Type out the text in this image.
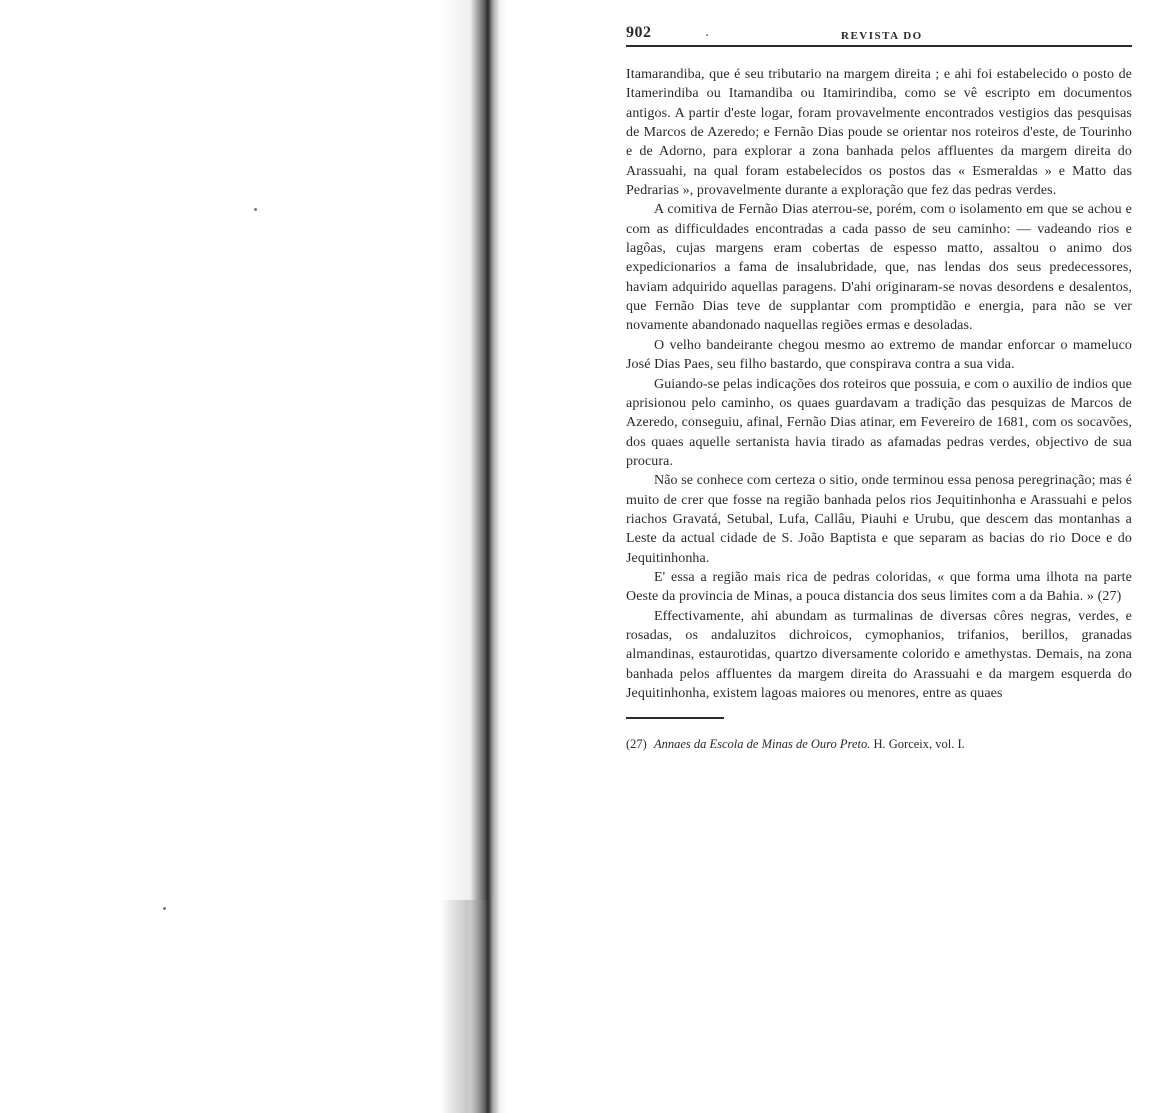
902	REVISTA DO

Itamarandiba, que é seu tributario na margem direita ; e ahi foi estabelecido o posto de Itamerindiba ou Itamandiba ou Itamirindiba, como se vê escripto em documentos antigos. A partir d'este logar, foram provavelmente encontrados vestigios das pesquisas de Marcos de Azeredo; e Fernão Dias poude se orientar nos roteiros d'este, de Tourinho e de Adorno, para explorar a zona banhada pelos affluentes da margem direita do Arassuahi, na qual foram estabelecidos os postos das « Esmeraldas » e Matto das Pedrarias », provavelmente durante a exploração que fez das pedras verdes.

A comitiva de Fernão Dias aterrou-se, porém, com o isolamento em que se achou e com as difficuldades encontradas a cada passo de seu caminho: — vadeando rios e lagôas, cujas margens eram cobertas de espesso matto, assaltou o animo dos expedicionarios a fama de insalubridade, que, nas lendas dos seus predecessores, haviam adquirido aquellas paragens. D'ahi originaram-se novas desordens e desalentos, que Fernão Dias teve de supplantar com promptidão e energia, para não se ver novamente abandonado naquellas regiões ermas e desoladas.

O velho bandeirante chegou mesmo ao extremo de mandar enforcar o mameluco José Dias Paes, seu filho bastardo, que conspirava contra a sua vida.

Guiando-se pelas indicações dos roteiros que possuia, e com o auxilio de indios que aprisionou pelo caminho, os quaes guardavam a tradição das pesquizas de Marcos de Azeredo, conseguiu, afinal, Fernão Dias atinar, em Fevereiro de 1681, com os socavões, dos quaes aquelle sertanista havia tirado as afamadas pedras verdes, objectivo de sua procura.

Não se conhece com certeza o sitio, onde terminou essa penosa peregrinação; mas é muito de crer que fosse na região banhada pelos rios Jequitinhonha e Arassuahi e pelos riachos Gravatá, Setubal, Lufa, Callâu, Piauhi e Urubu, que descem das montanhas a Leste da actual cidade de S. João Baptista e que separam as bacias do rio Doce e do Jequitinhonha.

E' essa a região mais rica de pedras coloridas, « que forma uma ilhota na parte Oeste da provincia de Minas, a pouca distancia dos seus limites com a da Bahia. » (27)

Effectivamente, ahi abundam as turmalinas de diversas côres negras, verdes, e rosadas, os andaluzitos dichroicos, cymophanios, trifanios, berillos, granadas almandinas, estaurotidas, quartzo diversamente colorido e amethystas. Demais, na zona banhada pelos affluentes da margem direita do Arassuahi e da margem esquerda do Jequitinhonha, existem lagoas maiores ou menores, entre as quaes

(27) Annaes da Escola de Minas de Ouro Preto. H. Gorceix, vol. I.
